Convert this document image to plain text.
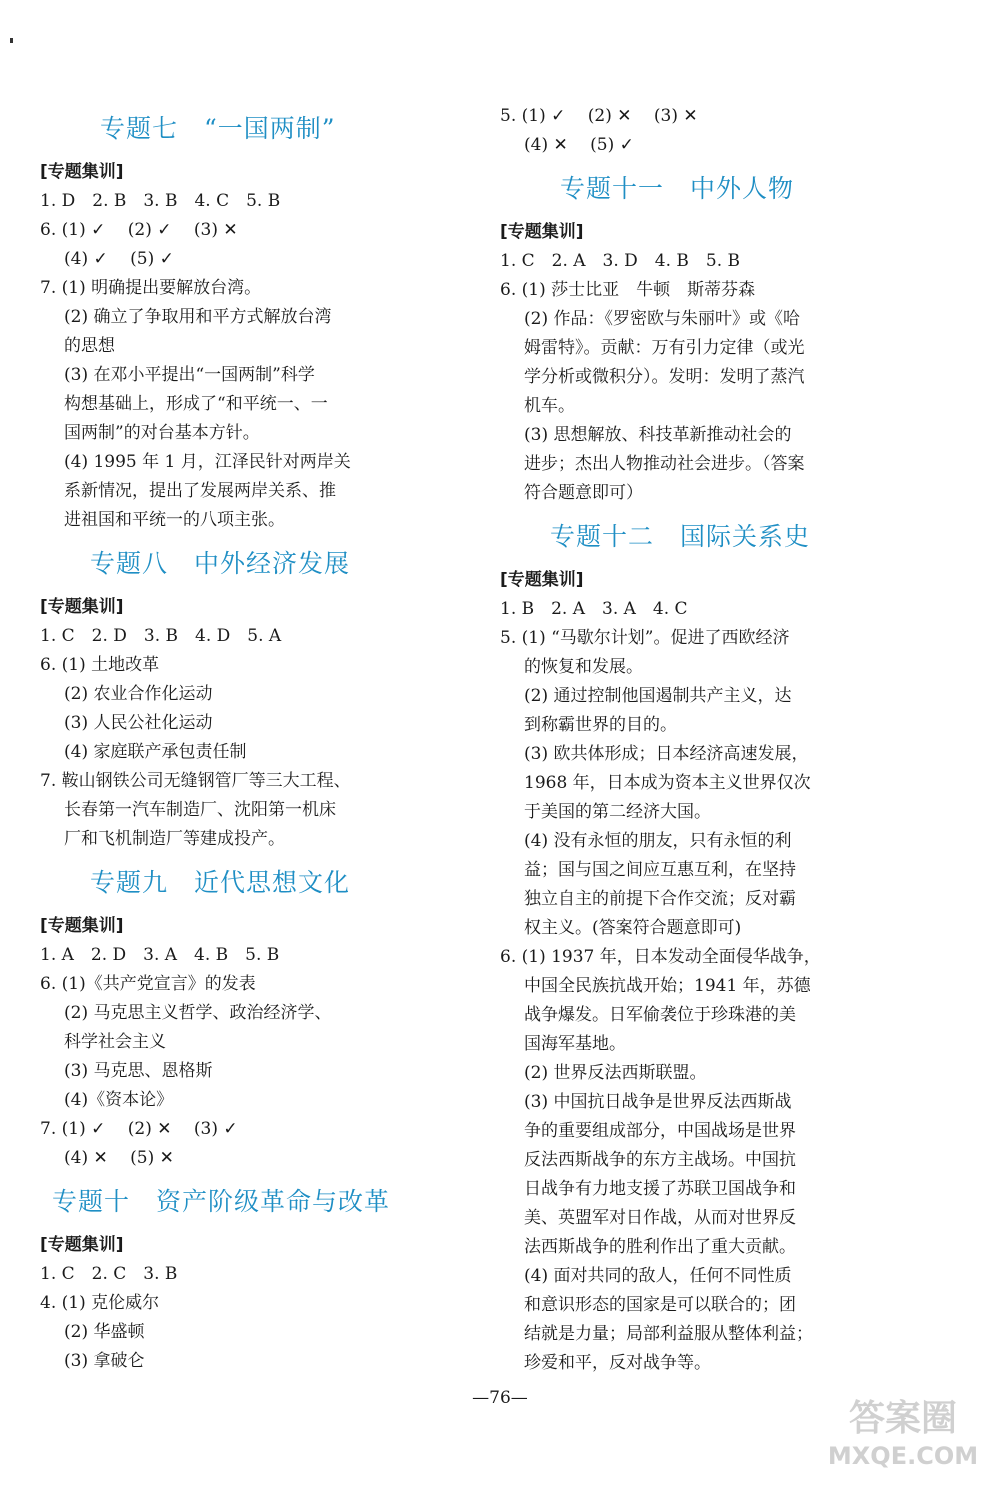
专题七　“一国两制”
[专题集训]
1. D　2. B　3. B　4. C　5. B
6. (1) ✓　 (2) ✓　 (3) ✕
(4) ✓　 (5) ✓
7. (1) 明确提出要解放台湾。
(2) 确立了争取用和平方式解放台湾
的思想
(3) 在邓小平提出“一国两制”科学
构想基础上，形成了“和平统一、一
国两制”的对台基本方针。
(4) 1995 年 1 月，江泽民针对两岸关
系新情况，提出了发展两岸关系、推
进祖国和平统一的八项主张。
专题八　中外经济发展
[专题集训]
1. C　2. D　3. B　4. D　5. A
6. (1) 土地改革
(2) 农业合作化运动
(3) 人民公社化运动
(4) 家庭联产承包责任制
7. 鞍山钢铁公司无缝钢管厂等三大工程、
长春第一汽车制造厂、沈阳第一机床
厂和飞机制造厂等建成投产。
专题九　近代思想文化
[专题集训]
1. A　2. D　3. A　4. B　5. B
6. (1)《共产党宣言》的发表
(2) 马克思主义哲学、政治经济学、
科学社会主义
(3) 马克思、恩格斯
(4)《资本论》
7. (1) ✓　 (2) ✕　 (3) ✓
(4) ✕　 (5) ✕
专题十　资产阶级革命与改革
[专题集训]
1. C　2. C　3. B
4. (1) 克伦威尔
(2) 华盛顿
(3) 拿破仑
5. (1) ✓　 (2) ✕　 (3) ✕
(4) ✕　 (5) ✓
专题十一　中外人物
[专题集训]
1. C　2. A　3. D　4. B　5. B
6. (1) 莎士比亚　牛顿　斯蒂芬森
(2) 作品：《罗密欧与朱丽叶》或《哈
姆雷特》。贡献：万有引力定律（或光
学分析或微积分）。发明：发明了蒸汽
机车。
(3) 思想解放、科技革新推动社会的
进步；杰出人物推动社会进步。（答案
符合题意即可）
专题十二　国际关系史
[专题集训]
1. B　2. A　3. A　4. C
5. (1) “马歇尔计划”。促进了西欧经济
的恢复和发展。
(2) 通过控制他国遏制共产主义，达
到称霸世界的目的。
(3) 欧共体形成；日本经济高速发展，
1968 年，日本成为资本主义世界仅次
于美国的第二经济大国。
(4) 没有永恒的朋友，只有永恒的利
益；国与国之间应互惠互利，在坚持
独立自主的前提下合作交流；反对霸
权主义。(答案符合题意即可)
6. (1) 1937 年，日本发动全面侵华战争，
中国全民族抗战开始；1941 年，苏德
战争爆发。日军偷袭位于珍珠港的美
国海军基地。
(2) 世界反法西斯联盟。
(3) 中国抗日战争是世界反法西斯战
争的重要组成部分，中国战场是世界
反法西斯战争的东方主战场。中国抗
日战争有力地支援了苏联卫国战争和
美、英盟军对日作战，从而对世界反
法西斯战争的胜利作出了重大贡献。
(4) 面对共同的敌人，任何不同性质
和意识形态的国家是可以联合的；团
结就是力量；局部利益服从整体利益；
珍爱和平，反对战争等。
—76—	答案圈
MXQE.COM
